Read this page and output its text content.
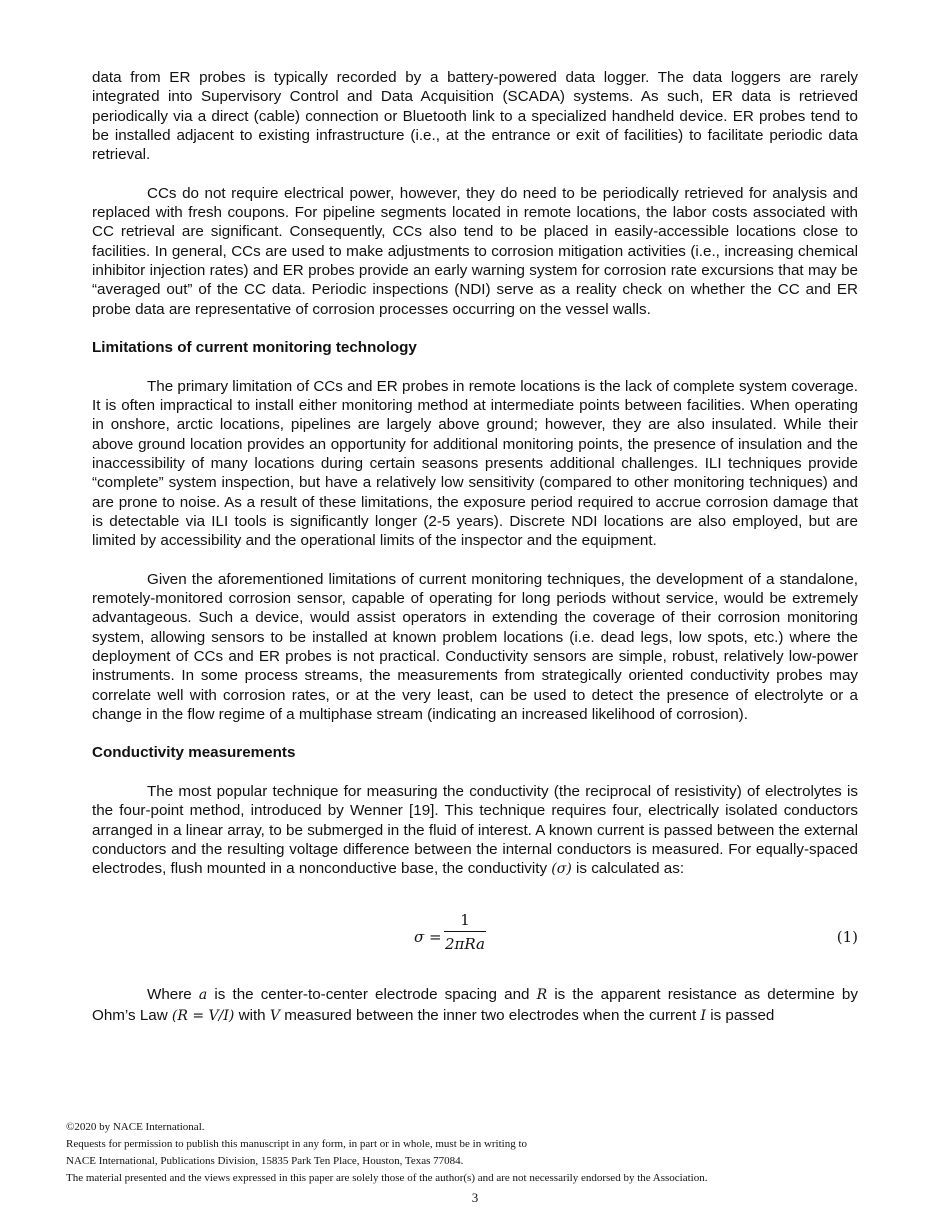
data from ER probes is typically recorded by a battery-powered data logger. The data loggers are rarely integrated into Supervisory Control and Data Acquisition (SCADA) systems. As such, ER data is retrieved periodically via a direct (cable) connection or Bluetooth link to a specialized handheld device. ER probes tend to be installed adjacent to existing infrastructure (i.e., at the entrance or exit of facilities) to facilitate periodic data retrieval.

CCs do not require electrical power, however, they do need to be periodically retrieved for analysis and replaced with fresh coupons. For pipeline segments located in remote locations, the labor costs associated with CC retrieval are significant. Consequently, CCs also tend to be placed in easily-accessible locations close to facilities. In general, CCs are used to make adjustments to corrosion mitigation activities (i.e., increasing chemical inhibitor injection rates) and ER probes provide an early warning system for corrosion rate excursions that may be “averaged out” of the CC data. Periodic inspections (NDI) serve as a reality check on whether the CC and ER probe data are representative of corrosion processes occurring on the vessel walls.

Limitations of current monitoring technology

The primary limitation of CCs and ER probes in remote locations is the lack of complete system coverage. It is often impractical to install either monitoring method at intermediate points between facilities. When operating in onshore, arctic locations, pipelines are largely above ground; however, they are also insulated. While their above ground location provides an opportunity for additional monitoring points, the presence of insulation and the inaccessibility of many locations during certain seasons presents additional challenges. ILI techniques provide “complete” system inspection, but have a relatively low sensitivity (compared to other monitoring techniques) and are prone to noise. As a result of these limitations, the exposure period required to accrue corrosion damage that is detectable via ILI tools is significantly longer (2-5 years). Discrete NDI locations are also employed, but are limited by accessibility and the operational limits of the inspector and the equipment.

Given the aforementioned limitations of current monitoring techniques, the development of a standalone, remotely-monitored corrosion sensor, capable of operating for long periods without service, would be extremely advantageous. Such a device, would assist operators in extending the coverage of their corrosion monitoring system, allowing sensors to be installed at known problem locations (i.e. dead legs, low spots, etc.) where the deployment of CCs and ER probes is not practical. Conductivity sensors are simple, robust, relatively low-power instruments. In some process streams, the measurements from strategically oriented conductivity probes may correlate well with corrosion rates, or at the very least, can be used to detect the presence of electrolyte or a change in the flow regime of a multiphase stream (indicating an increased likelihood of corrosion).

Conductivity measurements

The most popular technique for measuring the conductivity (the reciprocal of resistivity) of electrolytes is the four-point method, introduced by Wenner [19]. This technique requires four, electrically isolated conductors arranged in a linear array, to be submerged in the fluid of interest. A known current is passed between the external conductors and the resulting voltage difference between the internal conductors is measured. For equally-spaced electrodes, flush mounted in a nonconductive base, the conductivity (σ) is calculated as:

σ =
1
2πRa	(1)

Where a is the center-to-center electrode spacing and R is the apparent resistance as determine by Ohm’s Law (R = V/I) with V measured between the inner two electrodes when the current I is passed

©2020 by NACE International.
Requests for permission to publish this manuscript in any form, in part or in whole, must be in writing to
NACE International, Publications Division, 15835 Park Ten Place, Houston, Texas 77084.
The material presented and the views expressed in this paper are solely those of the author(s) and are not necessarily endorsed by the Association.
3
